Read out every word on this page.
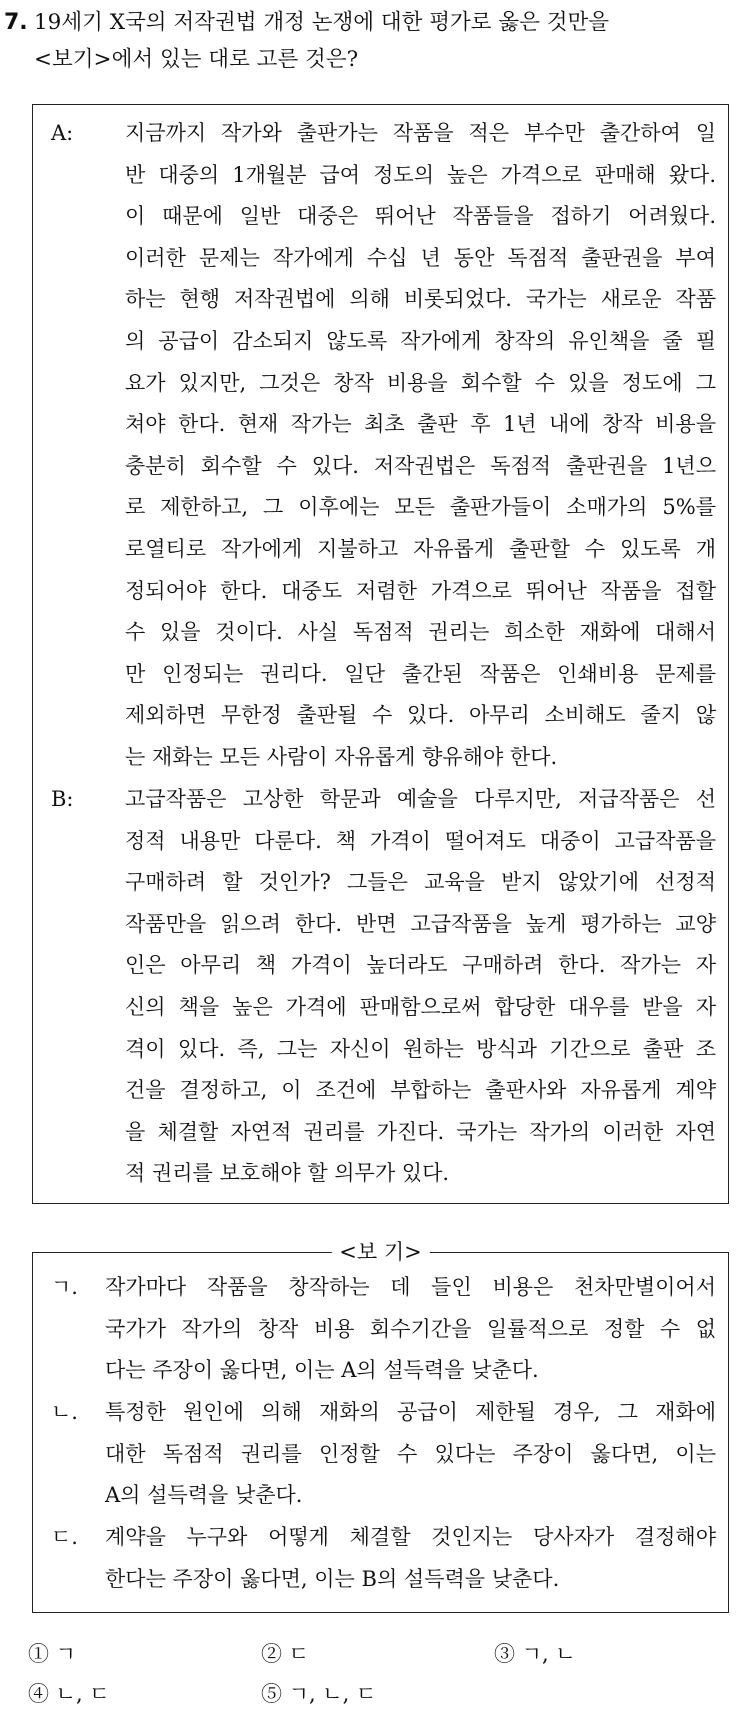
7. 19세기 X국의 저작권법 개정 논쟁에 대한 평가로 옳은 것만을
<보기>에서 있는 대로 고른 것은?
A:	지금까지 작가와 출판가는 작품을 적은 부수만 출간하여 일
반 대중의 1개월분 급여 정도의 높은 가격으로 판매해 왔다.
이 때문에 일반 대중은 뛰어난 작품들을 접하기 어려웠다.
이러한 문제는 작가에게 수십 년 동안 독점적 출판권을 부여
하는 현행 저작권법에 의해 비롯되었다. 국가는 새로운 작품
의 공급이 감소되지 않도록 작가에게 창작의 유인책을 줄 필
요가 있지만, 그것은 창작 비용을 회수할 수 있을 정도에 그
쳐야 한다. 현재 작가는 최초 출판 후 1년 내에 창작 비용을
충분히 회수할 수 있다. 저작권법은 독점적 출판권을 1년으
로 제한하고, 그 이후에는 모든 출판가들이 소매가의 5%를
로열티로 작가에게 지불하고 자유롭게 출판할 수 있도록 개
정되어야 한다. 대중도 저렴한 가격으로 뛰어난 작품을 접할
수 있을 것이다. 사실 독점적 권리는 희소한 재화에 대해서
만 인정되는 권리다. 일단 출간된 작품은 인쇄비용 문제를
제외하면 무한정 출판될 수 있다. 아무리 소비해도 줄지 않
는 재화는 모든 사람이 자유롭게 향유해야 한다.
B:	고급작품은 고상한 학문과 예술을 다루지만, 저급작품은 선
정적 내용만 다룬다. 책 가격이 떨어져도 대중이 고급작품을
구매하려 할 것인가? 그들은 교육을 받지 않았기에 선정적
작품만을 읽으려 한다. 반면 고급작품을 높게 평가하는 교양
인은 아무리 책 가격이 높더라도 구매하려 한다. 작가는 자
신의 책을 높은 가격에 판매함으로써 합당한 대우를 받을 자
격이 있다. 즉, 그는 자신이 원하는 방식과 기간으로 출판 조
건을 결정하고, 이 조건에 부합하는 출판사와 자유롭게 계약
을 체결할 자연적 권리를 가진다. 국가는 작가의 이러한 자연
적 권리를 보호해야 할 의무가 있다.
<보 기>
ㄱ.	작가마다 작품을 창작하는 데 들인 비용은 천차만별이어서
국가가 작가의 창작 비용 회수기간을 일률적으로 정할 수 없
다는 주장이 옳다면, 이는 A의 설득력을 낮춘다.
ㄴ.	특정한 원인에 의해 재화의 공급이 제한될 경우, 그 재화에
대한 독점적 권리를 인정할 수 있다는 주장이 옳다면, 이는
A의 설득력을 낮춘다.
ㄷ.	계약을 누구와 어떻게 체결할 것인지는 당사자가 결정해야
한다는 주장이 옳다면, 이는 B의 설득력을 낮춘다.
① ㄱ	② ㄷ	③ ㄱ, ㄴ
④ ㄴ, ㄷ	⑤ ㄱ, ㄴ, ㄷ
